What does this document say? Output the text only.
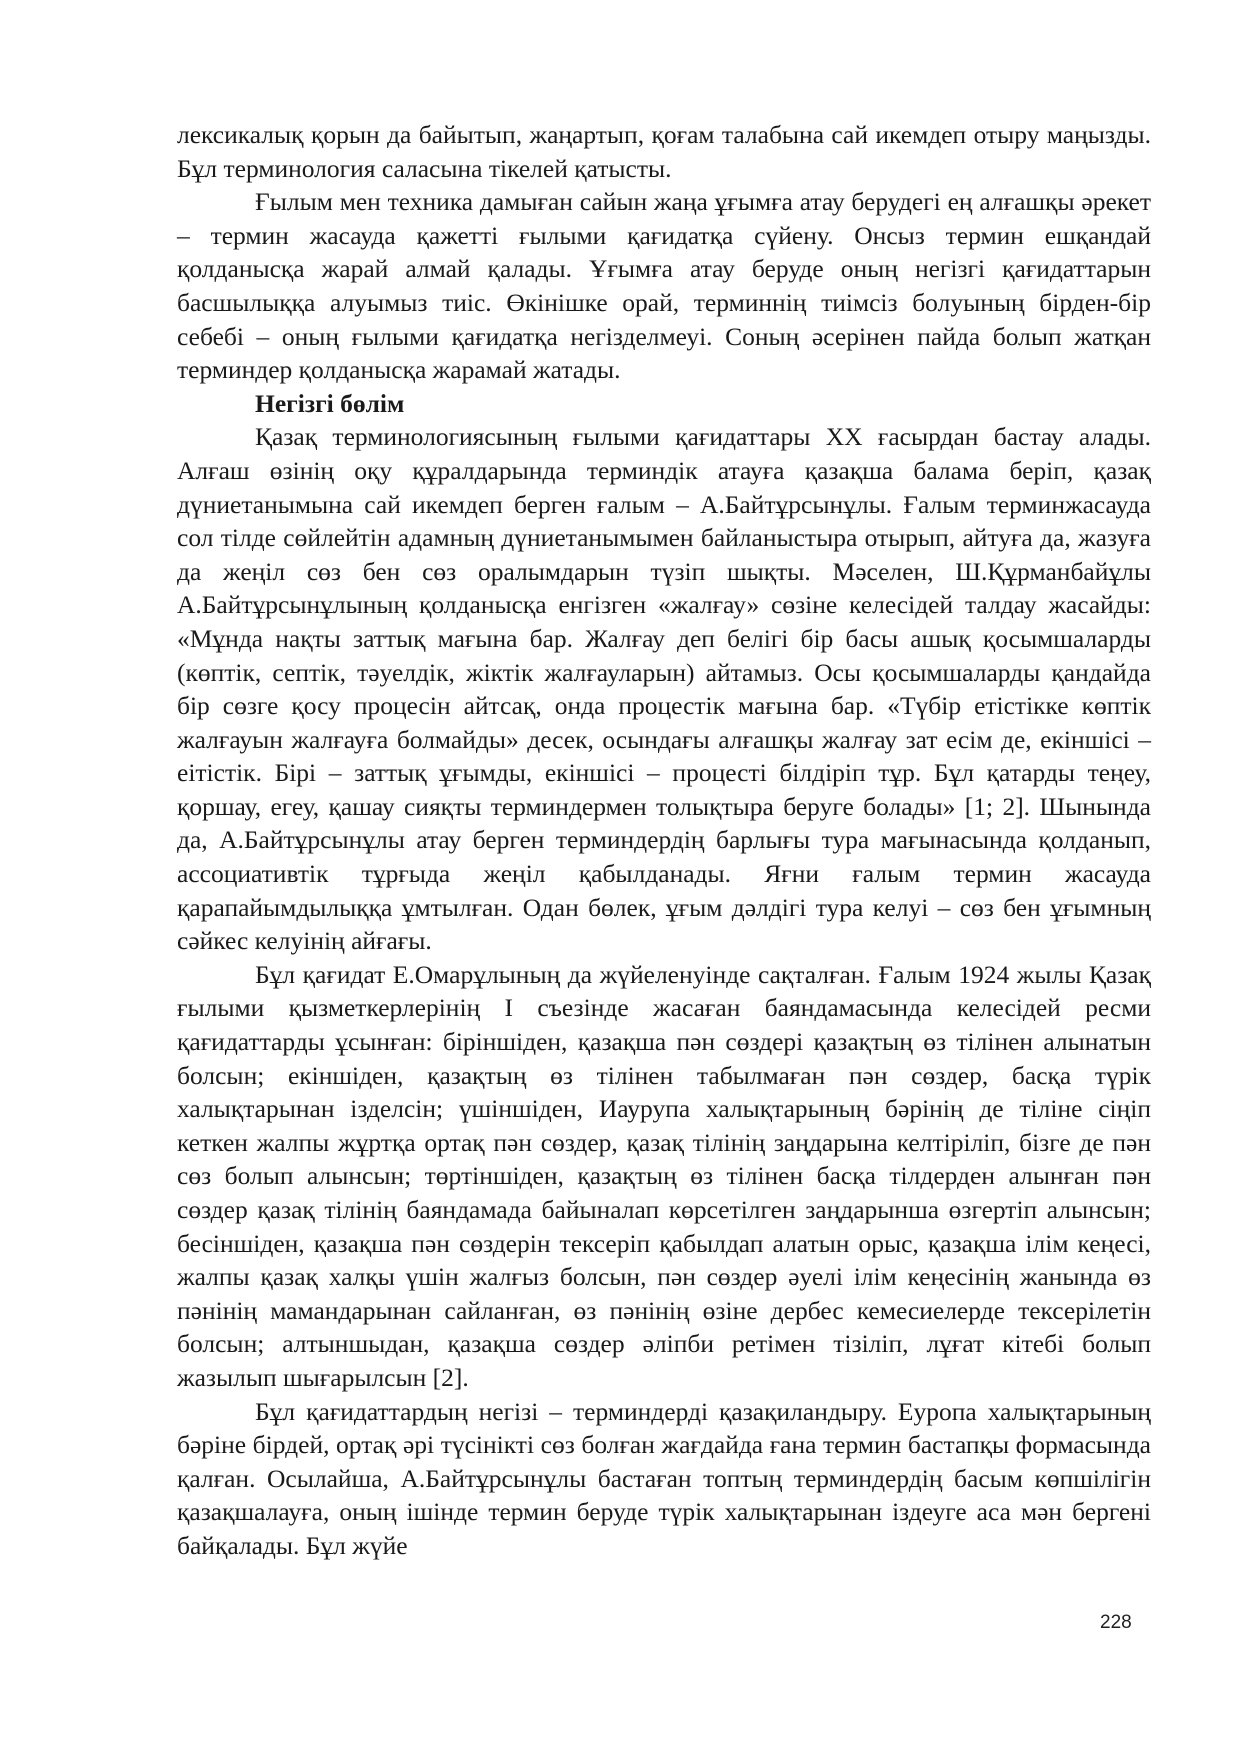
лексикалық қорын да байытып, жаңартып, қоғам талабына сай икемдеп отыру маңызды. Бұл терминология саласына тікелей қатысты.

Ғылым мен техника дамыған сайын жаңа ұғымға атау берудегі ең алғашқы әрекет – термин жасауда қажетті ғылыми қағидатқа сүйену. Онсыз термин ешқандай қолданысқа жарай алмай қалады. Ұғымға атау беруде оның негізгі қағидаттарын басшылыққа алуымыз тиіс. Өкінішке орай, терминнің тиімсіз болуының бірден-бір себебі – оның ғылыми қағидатқа негізделмеуі. Соның әсерінен пайда болып жатқан терминдер қолданысқа жарамай жатады.

Негізгі бөлім

Қазақ терминологиясының ғылыми қағидаттары ХХ ғасырдан бастау алады. Алғаш өзінің оқу құралдарында терминдік атауға қазақша балама беріп, қазақ дүниетанымына сай икемдеп берген ғалым – А.Байтұрсынұлы. Ғалым терминжасауда сол тілде сөйлейтін адамның дүниетанымымен байланыстыра отырып, айтуға да, жазуға да жеңіл сөз бен сөз оралымдарын түзіп шықты. Мәселен, Ш.Құрманбайұлы А.Байтұрсынұлының қолданысқа енгізген «жалғау» сөзіне келесідей талдау жасайды: «Мұнда нақты заттық мағына бар. Жалғау деп белігі бір басы ашық қосымшаларды (көптік, септік, тәуелдік, жіктік жалғауларын) айтамыз. Осы қосымшаларды қандайда бір сөзге қосу процесін айтсақ, онда процестік мағына бар. «Түбір етістікке көптік жалғауын жалғауға болмайды» десек, осындағы алғашқы жалғау зат есім де, екіншісі – еітістік. Бірі – заттық ұғымды, екіншісі – процесті білдіріп тұр. Бұл қатарды теңеу, қоршау, егеу, қашау сияқты терминдермен толықтыра беруге болады» [1; 2]. Шынында да, А.Байтұрсынұлы атау берген терминдердің барлығы тура мағынасында қолданып, ассоциативтік тұрғыда жеңіл қабылданады. Яғни ғалым термин жасауда қарапайымдылыққа ұмтылған. Одан бөлек, ұғым дәлдігі тура келуі – сөз бен ұғымның сәйкес келуінің айғағы.

Бұл қағидат Е.Омарұлының да жүйеленуінде сақталған. Ғалым 1924 жылы Қазақ ғылыми қызметкерлерінің I съезінде жасаған баяндамасында келесідей ресми қағидаттарды ұсынған: біріншіден, қазақша пән сөздері қазақтың өз тілінен алынатын болсын; екіншіден, қазақтың өз тілінен табылмаған пән сөздер, басқа түрік халықтарынан ізделсін; үшіншіден, Иаурупа халықтарының бәрінің де тіліне сіңіп кеткен жалпы жұртқа ортақ пән сөздер, қазақ тілінің заңдарына келтіріліп, бізге де пән сөз болып алынсын; төртіншіден, қазақтың өз тілінен басқа тілдерден алынған пән сөздер қазақ тілінің баяндамада байыналап көрсетілген заңдарынша өзгертіп алынсын; бесіншіден, қазақша пән сөздерін тексеріп қабылдап алатын орыс, қазақша ілім кеңесі, жалпы қазақ халқы үшін жалғыз болсын, пән сөздер әуелі ілім кеңесінің жанында өз пәнінің мамандарынан сайланған, өз пәнінің өзіне дербес кемесиелерде тексерілетін болсын; алтыншыдан, қазақша сөздер әліпби ретімен тізіліп, лұғат кітебі болып жазылып шығарылсын [2].

Бұл қағидаттардың негізі – терминдерді қазақиландыру. Еуропа халықтарының бәріне бірдей, ортақ әрі түсінікті сөз болған жағдайда ғана термин бастапқы формасында қалған. Осылайша, А.Байтұрсынұлы бастаған топтың терминдердің басым көпшілігін қазақшалауға, оның ішінде термин беруде түрік халықтарынан іздеуге аса мән бергені байқалады. Бұл жүйе

228
